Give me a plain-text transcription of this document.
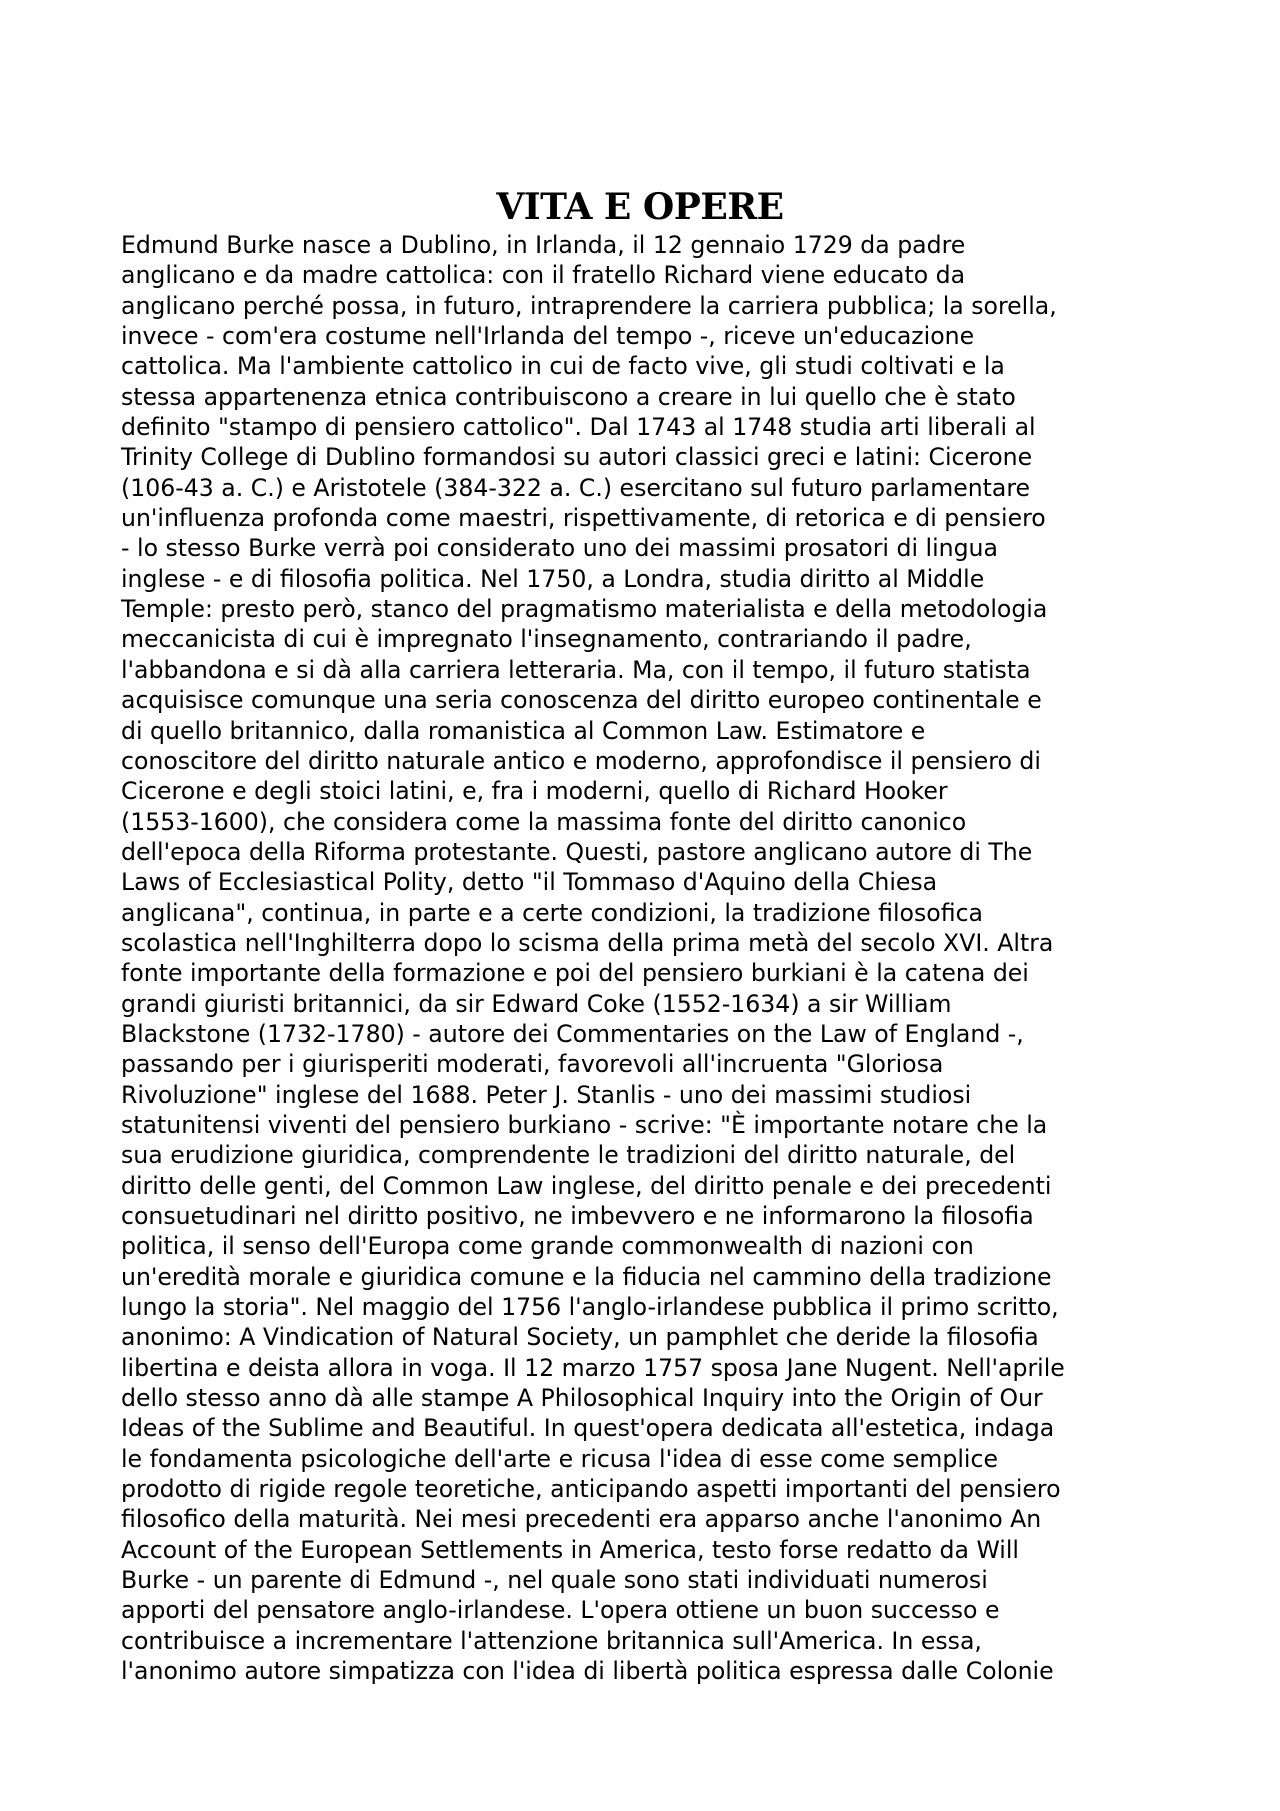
VITA E OPERE
Edmund Burke nasce a Dublino, in Irlanda, il 12 gennaio 1729 da padre
anglicano e da madre cattolica: con il fratello Richard viene educato da
anglicano perché possa, in futuro, intraprendere la carriera pubblica; la sorella,
invece - com'era costume nell'Irlanda del tempo -, riceve un'educazione
cattolica. Ma l'ambiente cattolico in cui de facto vive, gli studi coltivati e la
stessa appartenenza etnica contribuiscono a creare in lui quello che è stato
definito "stampo di pensiero cattolico". Dal 1743 al 1748 studia arti liberali al
Trinity College di Dublino formandosi su autori classici greci e latini: Cicerone
(106-43 a. C.) e Aristotele (384-322 a. C.) esercitano sul futuro parlamentare
un'influenza profonda come maestri, rispettivamente, di retorica e di pensiero
- lo stesso Burke verrà poi considerato uno dei massimi prosatori di lingua
inglese - e di filosofia politica. Nel 1750, a Londra, studia diritto al Middle
Temple: presto però, stanco del pragmatismo materialista e della metodologia
meccanicista di cui è impregnato l'insegnamento, contrariando il padre,
l'abbandona e si dà alla carriera letteraria. Ma, con il tempo, il futuro statista
acquisisce comunque una seria conoscenza del diritto europeo continentale e
di quello britannico, dalla romanistica al Common Law. Estimatore e
conoscitore del diritto naturale antico e moderno, approfondisce il pensiero di
Cicerone e degli stoici latini, e, fra i moderni, quello di Richard Hooker
(1553-1600), che considera come la massima fonte del diritto canonico
dell'epoca della Riforma protestante. Questi, pastore anglicano autore di The
Laws of Ecclesiastical Polity, detto "il Tommaso d'Aquino della Chiesa
anglicana", continua, in parte e a certe condizioni, la tradizione filosofica
scolastica nell'Inghilterra dopo lo scisma della prima metà del secolo XVI. Altra
fonte importante della formazione e poi del pensiero burkiani è la catena dei
grandi giuristi britannici, da sir Edward Coke (1552-1634) a sir William
Blackstone (1732-1780) - autore dei Commentaries on the Law of England -,
passando per i giurisperiti moderati, favorevoli all'incruenta "Gloriosa
Rivoluzione" inglese del 1688. Peter J. Stanlis - uno dei massimi studiosi
statunitensi viventi del pensiero burkiano - scrive: "È importante notare che la
sua erudizione giuridica, comprendente le tradizioni del diritto naturale, del
diritto delle genti, del Common Law inglese, del diritto penale e dei precedenti
consuetudinari nel diritto positivo, ne imbevvero e ne informarono la filosofia
politica, il senso dell'Europa come grande commonwealth di nazioni con
un'eredità morale e giuridica comune e la fiducia nel cammino della tradizione
lungo la storia". Nel maggio del 1756 l'anglo-irlandese pubblica il primo scritto,
anonimo: A Vindication of Natural Society, un pamphlet che deride la filosofia
libertina e deista allora in voga. Il 12 marzo 1757 sposa Jane Nugent. Nell'aprile
dello stesso anno dà alle stampe A Philosophical Inquiry into the Origin of Our
Ideas of the Sublime and Beautiful. In quest'opera dedicata all'estetica, indaga
le fondamenta psicologiche dell'arte e ricusa l'idea di esse come semplice
prodotto di rigide regole teoretiche, anticipando aspetti importanti del pensiero
filosofico della maturità. Nei mesi precedenti era apparso anche l'anonimo An
Account of the European Settlements in America, testo forse redatto da Will
Burke - un parente di Edmund -, nel quale sono stati individuati numerosi
apporti del pensatore anglo-irlandese. L'opera ottiene un buon successo e
contribuisce a incrementare l'attenzione britannica sull'America. In essa,
l'anonimo autore simpatizza con l'idea di libertà politica espressa dalle Colonie
